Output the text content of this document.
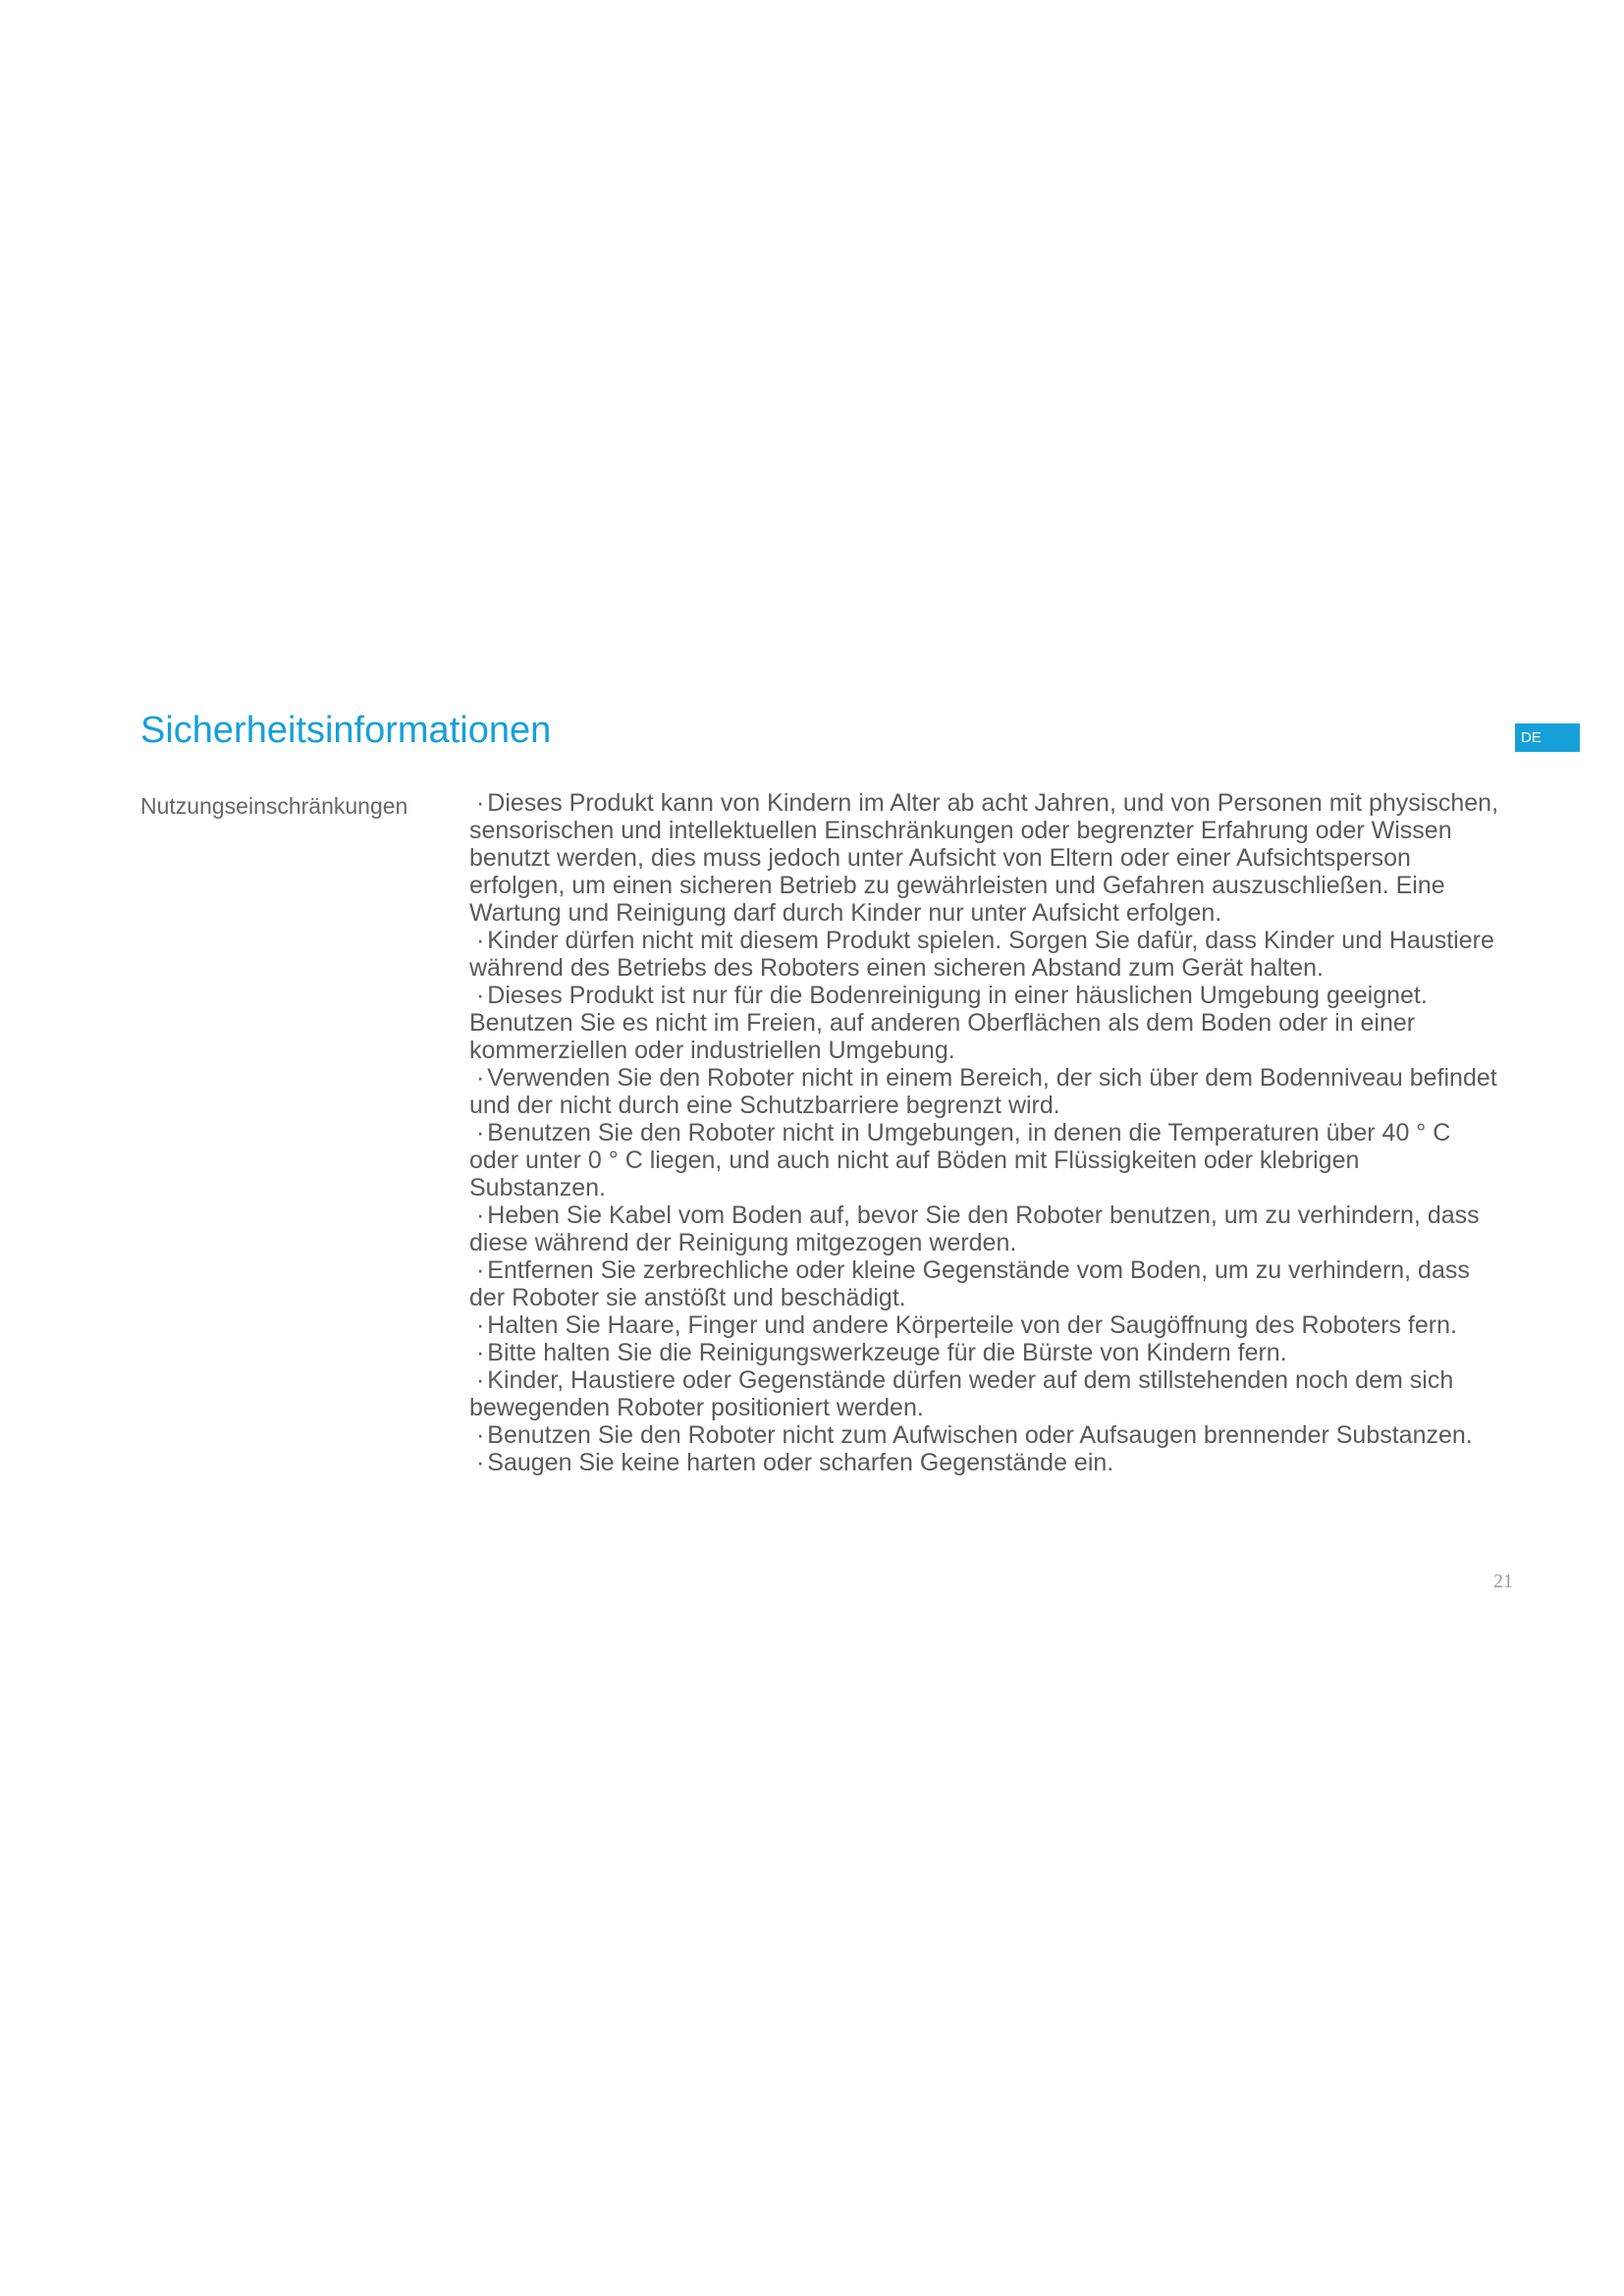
Sicherheitsinformationen	DE
Nutzungseinschränkungen
·	Dieses Produkt kann von Kindern im Alter ab acht Jahren, und von Personen mit physischen, sensorischen und intellektuellen Einschränkungen oder begrenzter Erfahrung oder Wissen benutzt werden, dies muss jedoch unter Aufsicht von Eltern oder einer Aufsichtsperson erfolgen, um einen sicheren Betrieb zu gewährleisten und Gefahren auszuschließen. Eine Wartung und Reinigung darf durch Kinder nur unter Aufsicht erfolgen.
· Kinder dürfen nicht mit diesem Produkt spielen. Sorgen Sie dafür, dass Kinder und Haustiere während des Betriebs des Roboters einen sicheren Abstand zum Gerät halten.
· Dieses Produkt ist nur für die Bodenreinigung in einer häuslichen Umgebung geeignet. Benutzen Sie es nicht im Freien, auf anderen Oberflächen als dem Boden oder in einer kommerziellen oder industriellen Umgebung.
· Verwenden Sie den Roboter nicht in einem Bereich, der sich über dem Bodenniveau befindet und der nicht durch eine Schutzbarriere begrenzt wird.
· Benutzen Sie den Roboter nicht in Umgebungen, in denen die Temperaturen über 40 ° C oder unter 0 ° C liegen, und auch nicht auf Böden mit Flüssigkeiten oder klebrigen Substanzen.
· Heben Sie Kabel vom Boden auf, bevor Sie den Roboter benutzen, um zu verhindern, dass diese während der Reinigung mitgezogen werden.
· Entfernen Sie zerbrechliche oder kleine Gegenstände vom Boden, um zu verhindern, dass der Roboter sie anstößt und beschädigt.
· Halten Sie Haare, Finger und andere Körperteile von der Saugöffnung des Roboters fern.
· Bitte halten Sie die Reinigungswerkzeuge für die Bürste von Kindern fern.
· Kinder, Haustiere oder Gegenstände dürfen weder auf dem stillstehenden noch dem sich bewegenden Roboter positioniert werden.
· Benutzen Sie den Roboter nicht zum Aufwischen oder Aufsaugen brennender Substanzen.
· Saugen Sie keine harten oder scharfen Gegenstände ein.
21
